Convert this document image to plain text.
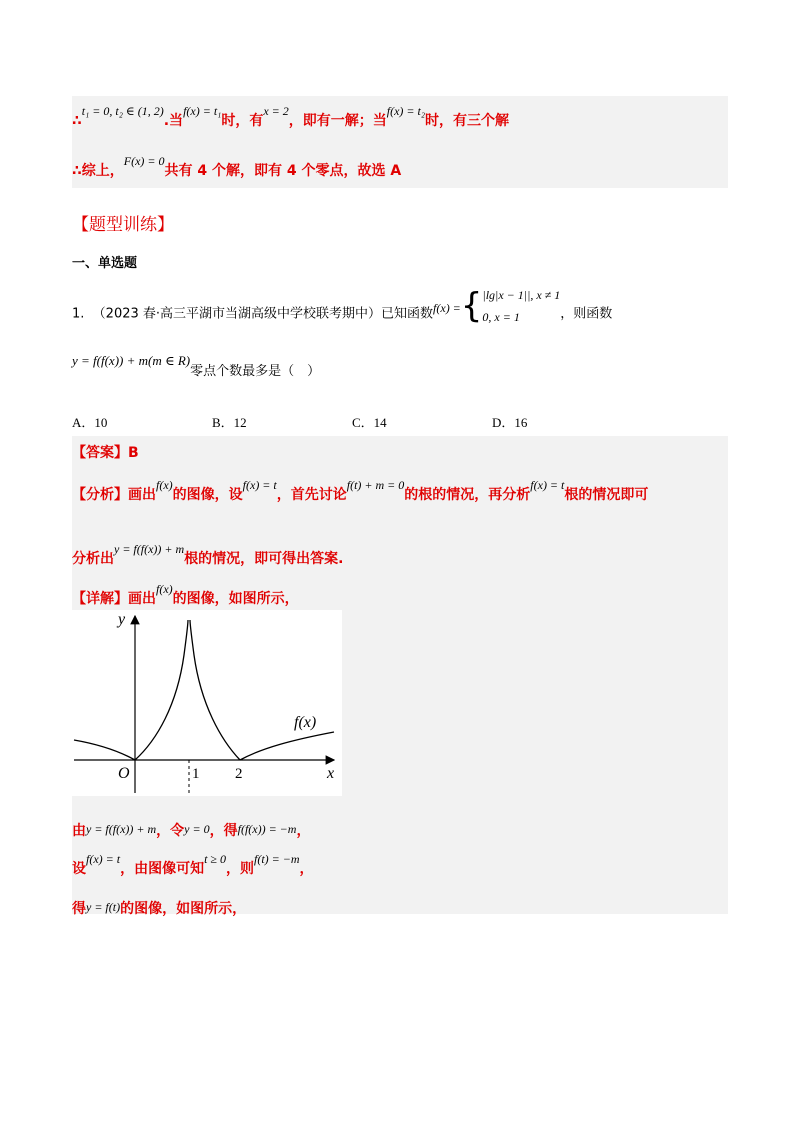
∴t₁ = 0, t₂ ∈ (1, 2).当f(x) = t₁时，有x = 2，即有一解；当f(x) = t₂时，有三个解
∴综上，F(x) = 0共有 4 个解，即有 4 个零点，故选 A
【题型训练】
一、单选题
1. （2023 春·高三平湖市当湖高级中学校联考期中）已知函数f(x) ={|lg|x − 1||, x ≠ 1
0, x = 1	，则函数
y = f(f(x)) + m(m ∈ R)零点个数最多是（　）
A．10	B．12	C．14	D．16
【答案】B
【分析】画出f(x)的图像，设f(x) = t，首先讨论f(t) + m = 0的根的情况，再分析f(x) = t根的情况即可
分析出y = f(f(x)) + m根的情况，即可得出答案.
【详解】画出f(x)的图像，如图所示，
y
x
O	1 2
f(x)
由y = f(f(x)) + m，令y = 0，得f(f(x)) = −m，
设f(x) = t，由图像可知t ≥ 0，则f(t) = −m，
得y = f(t)的图像，如图所示，
